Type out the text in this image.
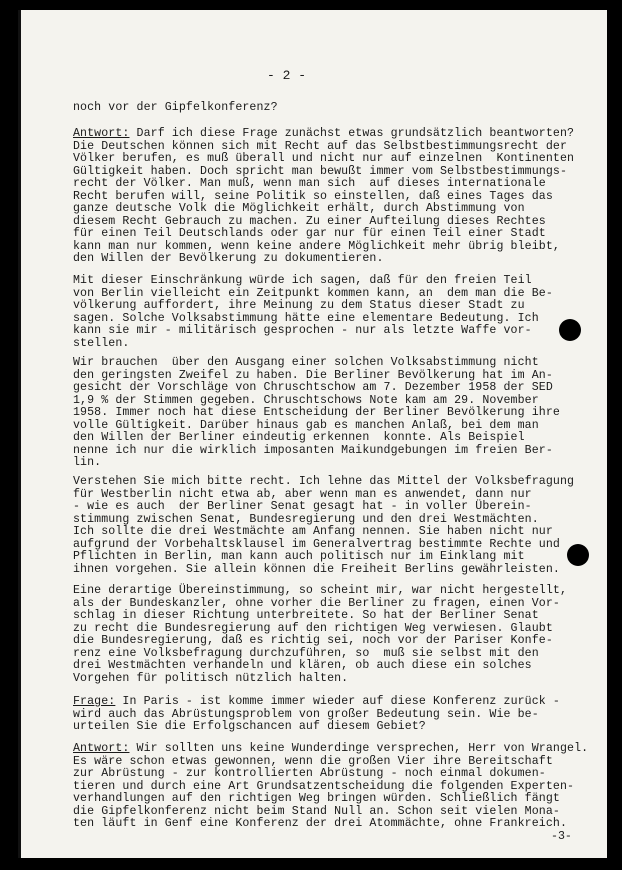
- 2 -
noch vor der Gipfelkonferenz?
Antwort: Darf ich diese Frage zunächst etwas grundsätzlich beantworten?
Die Deutschen können sich mit Recht auf das Selbstbestimmungsrecht der
Völker berufen, es muß überall und nicht nur auf einzelnen  Kontinenten
Gültigkeit haben. Doch spricht man bewußt immer vom Selbstbestimmungs-
recht der Völker. Man muß, wenn man sich  auf dieses internationale
Recht berufen will, seine Politik so einstellen, daß eines Tages das
ganze deutsche Volk die Möglichkeit erhält, durch Abstimmung von
diesem Recht Gebrauch zu machen. Zu einer Aufteilung dieses Rechtes
für einen Teil Deutschlands oder gar nur für einen Teil einer Stadt
kann man nur kommen, wenn keine andere Möglichkeit mehr übrig bleibt,
den Willen der Bevölkerung zu dokumentieren.
Mit dieser Einschränkung würde ich sagen, daß für den freien Teil
von Berlin vielleicht ein Zeitpunkt kommen kann, an  dem man die Be-
völkerung auffordert, ihre Meinung zu dem Status dieser Stadt zu
sagen. Solche Volksabstimmung hätte eine elementare Bedeutung. Ich
kann sie mir - militärisch gesprochen - nur als letzte Waffe vor-
stellen.
Wir brauchen  über den Ausgang einer solchen Volksabstimmung nicht
den geringsten Zweifel zu haben. Die Berliner Bevölkerung hat im An-
gesicht der Vorschläge von Chruschtschow am 7. Dezember 1958 der SED
1,9 % der Stimmen gegeben. Chruschtschows Note kam am 29. November
1958. Immer noch hat diese Entscheidung der Berliner Bevölkerung ihre
volle Gültigkeit. Darüber hinaus gab es manchen Anlaß, bei dem man
den Willen der Berliner eindeutig erkennen  konnte. Als Beispiel
nenne ich nur die wirklich imposanten Maikundgebungen im freien Ber-
lin.
Verstehen Sie mich bitte recht. Ich lehne das Mittel der Volksbefragung
für Westberlin nicht etwa ab, aber wenn man es anwendet, dann nur
- wie es auch  der Berliner Senat gesagt hat - in voller Überein-
stimmung zwischen Senat, Bundesregierung und den drei Westmächten.
Ich sollte die drei Westmächte am Anfang nennen. Sie haben nicht nur
aufgrund der Vorbehaltsklausel im Generalvertrag bestimmte Rechte und
Pflichten in Berlin, man kann auch politisch nur im Einklang mit
ihnen vorgehen. Sie allein können die Freiheit Berlins gewährleisten.
Eine derartige Übereinstimmung, so scheint mir, war nicht hergestellt,
als der Bundeskanzler, ohne vorher die Berliner zu fragen, einen Vor-
schlag in dieser Richtung unterbreitete. So hat der Berliner Senat
zu recht die Bundesregierung auf den richtigen Weg verwiesen. Glaubt
die Bundesregierung, daß es richtig sei, noch vor der Pariser Konfe-
renz eine Volksbefragung durchzuführen, so  muß sie selbst mit den
drei Westmächten verhandeln und klären, ob auch diese ein solches
Vorgehen für politisch nützlich halten.
Frage: In Paris - ist komme immer wieder auf diese Konferenz zurück -
wird auch das Abrüstungsproblem von großer Bedeutung sein. Wie be-
urteilen Sie die Erfolgschancen auf diesem Gebiet?
Antwort: Wir sollten uns keine Wunderdinge versprechen, Herr von Wrangel.
Es wäre schon etwas gewonnen, wenn die großen Vier ihre Bereitschaft
zur Abrüstung - zur kontrollierten Abrüstung - noch einmal dokumen-
tieren und durch eine Art Grundsatzentscheidung die folgenden Experten-
verhandlungen auf den richtigen Weg bringen würden. Schließlich fängt
die Gipfelkonferenz nicht beim Stand Null an. Schon seit vielen Mona-
ten läuft in Genf eine Konferenz der drei Atommächte, ohne Frankreich.
-3-
